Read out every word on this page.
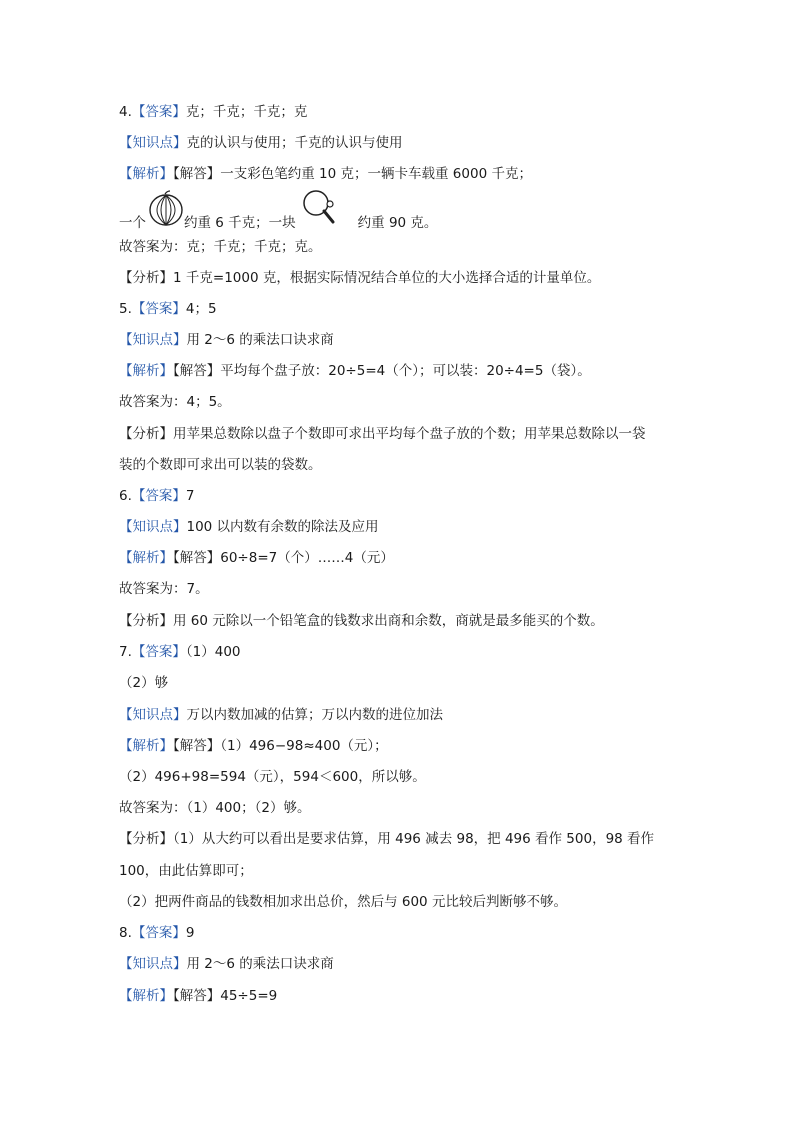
4.【答案】克；千克；千克；克
【知识点】克的认识与使用；千克的认识与使用
【解析】【解答】一支彩色笔约重 10 克；一辆卡车载重 6000 千克；
一个	约重 6 千克；一块	约重 90 克。
故答案为：克；千克；千克；克。
【分析】1 千克=1000 克，根据实际情况结合单位的大小选择合适的计量单位。
5.【答案】4；5
【知识点】用 2～6 的乘法口诀求商
【解析】【解答】平均每个盘子放：20÷5=4（个）；可以装：20÷4=5（袋）。
故答案为：4；5。
【分析】用苹果总数除以盘子个数即可求出平均每个盘子放的个数；用苹果总数除以一袋
装的个数即可求出可以装的袋数。
6.【答案】7
【知识点】100 以内数有余数的除法及应用
【解析】【解答】60÷8=7（个）……4（元）
故答案为：7。
【分析】用 60 元除以一个铅笔盒的钱数求出商和余数，商就是最多能买的个数。
7.【答案】（1）400
（2）够
【知识点】万以内数加减的估算；万以内数的进位加法
【解析】【解答】（1）496−98≈400（元）；
（2）496+98=594（元），594＜600，所以够。
故答案为：（1）400；（2）够。
【分析】（1）从大约可以看出是要求估算，用 496 减去 98，把 496 看作 500，98 看作
100，由此估算即可；
（2）把两件商品的钱数相加求出总价，然后与 600 元比较后判断够不够。
8.【答案】9
【知识点】用 2～6 的乘法口诀求商
【解析】【解答】45÷5=9
